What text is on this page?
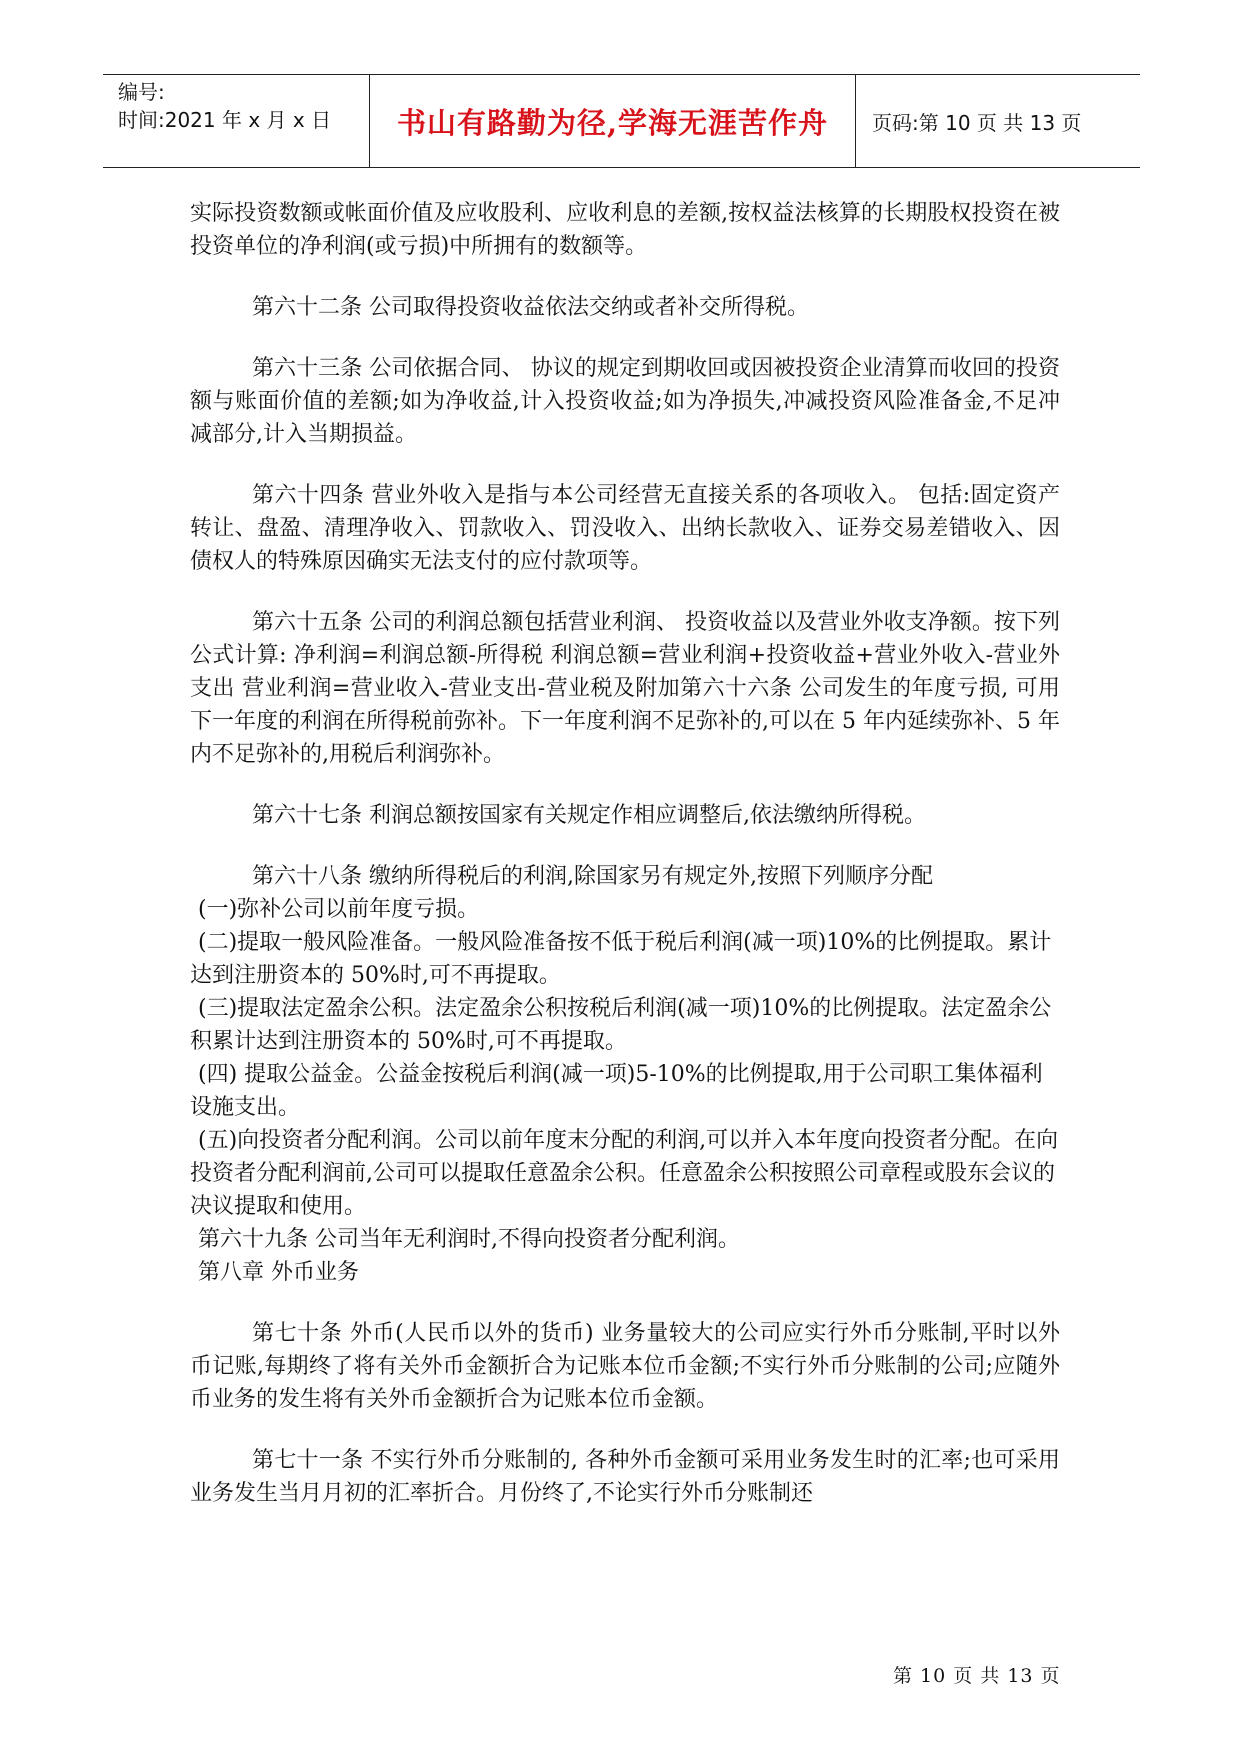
编号:
时间:2021 年 x 月 x 日 书山有路勤为径,学海无涯苦作舟 页码:第 10 页 共 13 页

实际投资数额或帐面价值及应收股利、应收利息的差额,按权益法核算的长期股权投资在被投资单位的净利润(或亏损)中所拥有的数额等。

第六十二条 公司取得投资收益依法交纳或者补交所得税。

第六十三条 公司依据合同、 协议的规定到期收回或因被投资企业清算而收回的投资额与账面价值的差额;如为净收益,计入投资收益;如为净损失,冲减投资风险准备金,不足冲减部分,计入当期损益。

第六十四条 营业外收入是指与本公司经营无直接关系的各项收入。 包括:固定资产转让、盘盈、清理净收入、罚款收入、罚没收入、出纳长款收入、证券交易差错收入、因债权人的特殊原因确实无法支付的应付款项等。

第六十五条 公司的利润总额包括营业利润、 投资收益以及营业外收支净额。按下列公式计算: 净利润=利润总额-所得税 利润总额=营业利润+投资收益+营业外收入-营业外支出 营业利润=营业收入-营业支出-营业税及附加第六十六条 公司发生的年度亏损, 可用下一年度的利润在所得税前弥补。下一年度利润不足弥补的,可以在 5 年内延续弥补、5 年内不足弥补的,用税后利润弥补。

第六十七条 利润总额按国家有关规定作相应调整后,依法缴纳所得税。

第六十八条 缴纳所得税后的利润,除国家另有规定外,按照下列顺序分配

(一)弥补公司以前年度亏损。

(二)提取一般风险准备。一般风险准备按不低于税后利润(减一项)10%的比例提取。累计达到注册资本的 50%时,可不再提取。

(三)提取法定盈余公积。法定盈余公积按税后利润(减一项)10%的比例提取。法定盈余公积累计达到注册资本的 50%时,可不再提取。

(四) 提取公益金。公益金按税后利润(减一项)5-10%的比例提取,用于公司职工集体福利设施支出。

(五)向投资者分配利润。公司以前年度末分配的利润,可以并入本年度向投资者分配。在向投资者分配利润前,公司可以提取任意盈余公积。任意盈余公积按照公司章程或股东会议的决议提取和使用。

第六十九条 公司当年无利润时,不得向投资者分配利润。

第八章 外币业务

第七十条 外币(人民币以外的货币) 业务量较大的公司应实行外币分账制,平时以外币记账,每期终了将有关外币金额折合为记账本位币金额;不实行外币分账制的公司;应随外币业务的发生将有关外币金额折合为记账本位币金额。

第七十一条 不实行外币分账制的, 各种外币金额可采用业务发生时的汇率;也可采用业务发生当月月初的汇率折合。月份终了,不论实行外币分账制还

第 10 页 共 13 页
